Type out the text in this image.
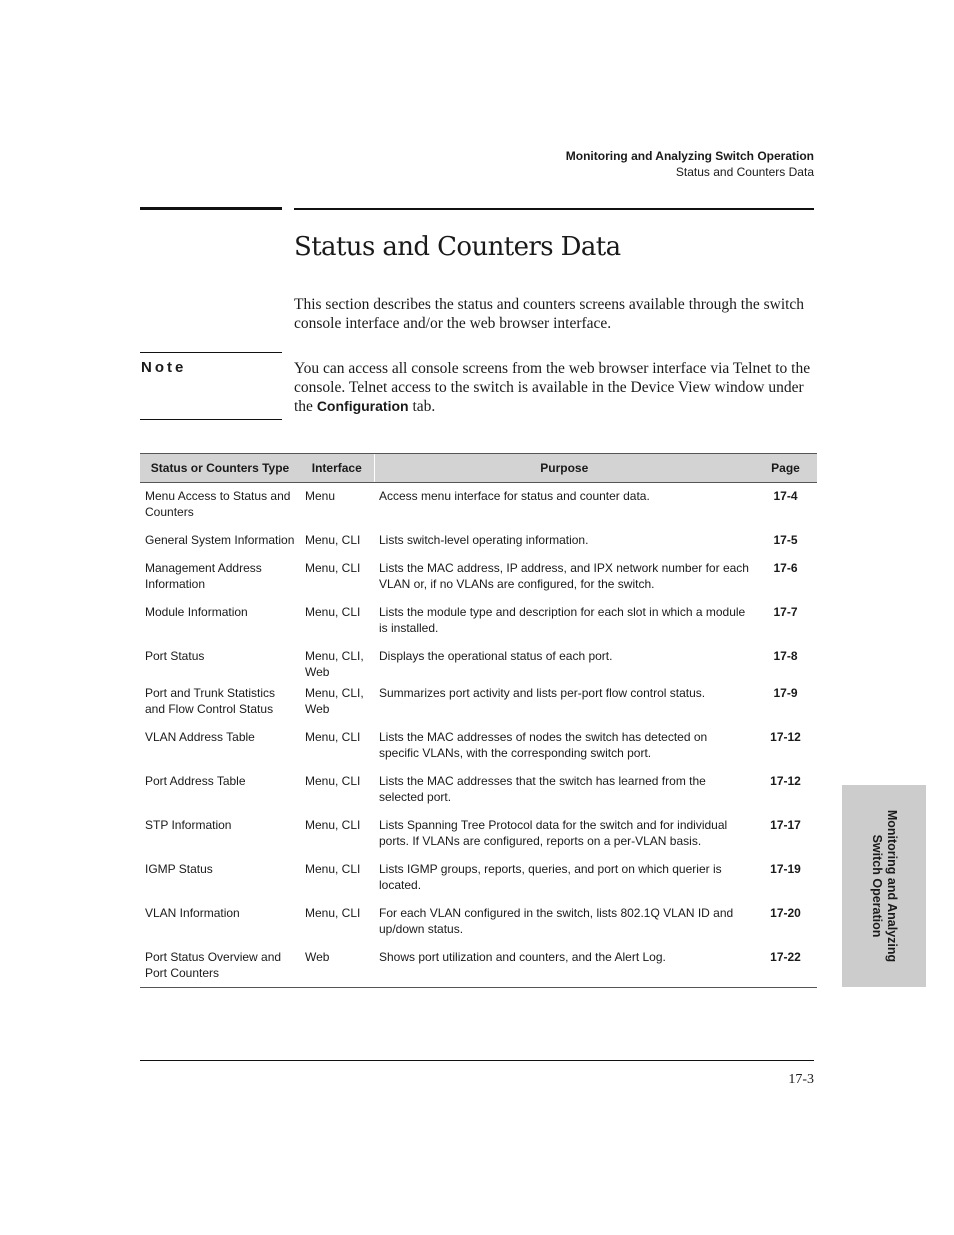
Monitoring and Analyzing Switch Operation
Status and Counters Data
Status and Counters Data

This section describes the status and counters screens available through the switch console interface and/or the web browser interface.

Note	You can access all console screens from the web browser interface via Telnet to the console. Telnet access to the switch is available in the Device View window under the Configuration tab.

Status or Counters Type	Interface	Purpose	Page
Menu Access to Status and Counters	Menu	Access menu interface for status and counter data.	17-4
General System Information	Menu, CLI	Lists switch-level operating information.	17-5
Management Address Information	Menu, CLI	Lists the MAC address, IP address, and IPX network number for each VLAN or, if no VLANs are configured, for the switch.	17-6
Module Information	Menu, CLI	Lists the module type and description for each slot in which a module is installed.	17-7
Port Status	Menu, CLI, Web	Displays the operational status of each port.	17-8
Port and Trunk Statistics and Flow Control Status	Menu, CLI, Web	Summarizes port activity and lists per-port flow control status.	17-9
VLAN Address Table	Menu, CLI	Lists the MAC addresses of nodes the switch has detected on specific VLANs, with the corresponding switch port.	17-12
Port Address Table	Menu, CLI	Lists the MAC addresses that the switch has learned from the selected port.	17-12
STP Information	Menu, CLI	Lists Spanning Tree Protocol data for the switch and for individual ports. If VLANs are configured, reports on a per-VLAN basis.	17-17
IGMP Status	Menu, CLI	Lists IGMP groups, reports, queries, and port on which querier is located.	17-19
VLAN Information	Menu, CLI	For each VLAN configured in the switch, lists 802.1Q VLAN ID and up/down status.	17-20
Port Status Overview and Port Counters	Web	Shows port utilization and counters, and the Alert Log.	17-22
17-3
Monitoring and Analyzing
Switch Operation
